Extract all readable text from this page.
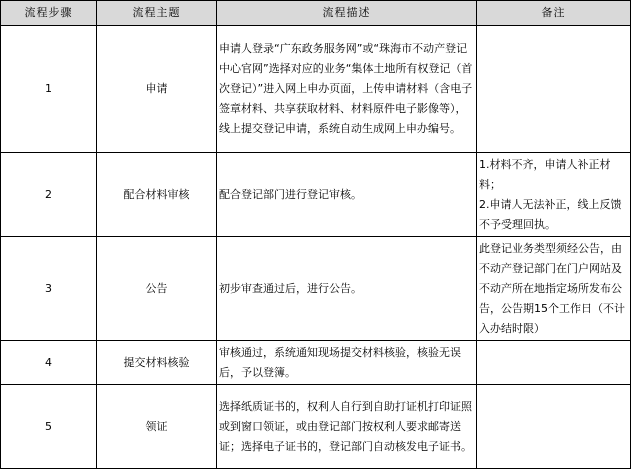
流程步骤	流程主题	流程描述	备注
1	申请	申请人登录“广东政务服务网”或“珠海市不动产登记中心官网”选择对应的业务“集体土地所有权登记（首次登记）”进入网上申办页面，上传申请材料（含电子签章材料、共享获取材料、材料原件电子影像等），线上提交登记申请，系统自动生成网上申办编号。	
2	配合材料审核	配合登记部门进行登记审核。	1.材料不齐，申请人补正材料；
2.申请人无法补正，线上反馈不予受理回执。

3	公告	初步审查通过后，进行公告。	此登记业务类型须经公告，由不动产登记部门在门户网站及不动产所在地指定场所发布公告，公告期15个工作日（不计入办结时限）
4	提交材料核验	审核通过，系统通知现场提交材料核验，核验无误后，予以登簿。	
5	领证	选择纸质证书的，权利人自行到自助打证机打印证照或到窗口领证，或由登记部门按权利人要求邮寄送证；选择电子证书的，登记部门自动核发电子证书。	
